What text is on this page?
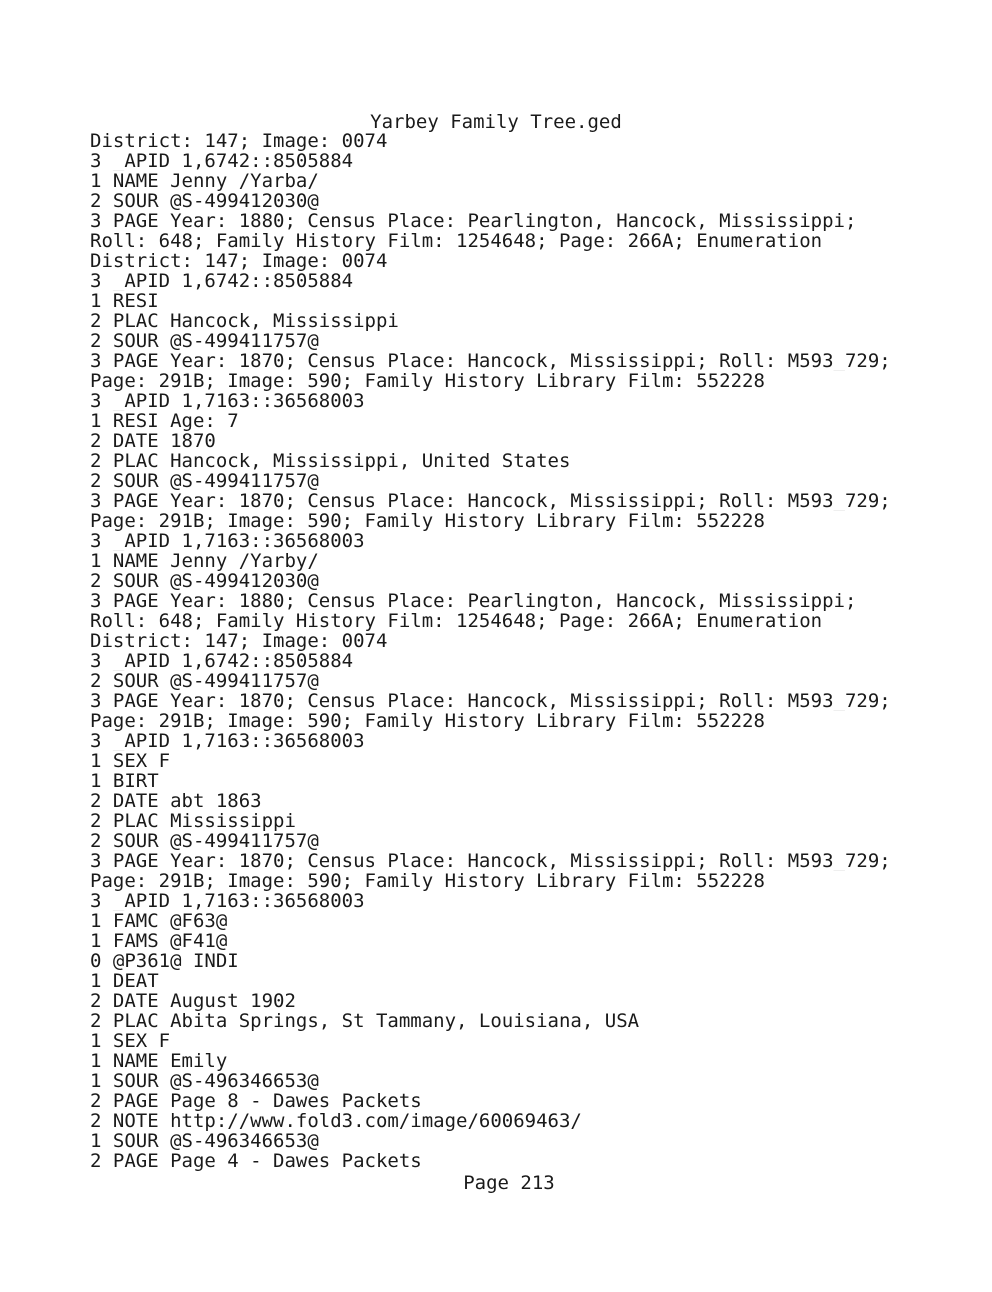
Yarbey Family Tree.ged
District: 147; Image: 0074
3 _APID 1,6742::8505884
1 NAME Jenny /Yarba/
2 SOUR @S-499412030@
3 PAGE Year: 1880; Census Place: Pearlington, Hancock, Mississippi;
Roll: 648; Family History Film: 1254648; Page: 266A; Enumeration
District: 147; Image: 0074
3 _APID 1,6742::8505884
1 RESI
2 PLAC Hancock, Mississippi
2 SOUR @S-499411757@
3 PAGE Year: 1870; Census Place: Hancock, Mississippi; Roll: M593_729;
Page: 291B; Image: 590; Family History Library Film: 552228
3 _APID 1,7163::36568003
1 RESI Age: 7
2 DATE 1870
2 PLAC Hancock, Mississippi, United States
2 SOUR @S-499411757@
3 PAGE Year: 1870; Census Place: Hancock, Mississippi; Roll: M593_729;
Page: 291B; Image: 590; Family History Library Film: 552228
3 _APID 1,7163::36568003
1 NAME Jenny /Yarby/
2 SOUR @S-499412030@
3 PAGE Year: 1880; Census Place: Pearlington, Hancock, Mississippi;
Roll: 648; Family History Film: 1254648; Page: 266A; Enumeration
District: 147; Image: 0074
3 _APID 1,6742::8505884
2 SOUR @S-499411757@
3 PAGE Year: 1870; Census Place: Hancock, Mississippi; Roll: M593_729;
Page: 291B; Image: 590; Family History Library Film: 552228
3 _APID 1,7163::36568003
1 SEX F
1 BIRT
2 DATE abt 1863
2 PLAC Mississippi
2 SOUR @S-499411757@
3 PAGE Year: 1870; Census Place: Hancock, Mississippi; Roll: M593_729;
Page: 291B; Image: 590; Family History Library Film: 552228
3 _APID 1,7163::36568003
1 FAMC @F63@
1 FAMS @F41@
0 @P361@ INDI
1 DEAT
2 DATE August 1902
2 PLAC Abita Springs, St Tammany, Louisiana, USA
1 SEX F
1 NAME Emily
1 SOUR @S-496346653@
2 PAGE Page 8 - Dawes Packets
2 NOTE http://www.fold3.com/image/60069463/
1 SOUR @S-496346653@
2 PAGE Page 4 - Dawes Packets
Page 213
